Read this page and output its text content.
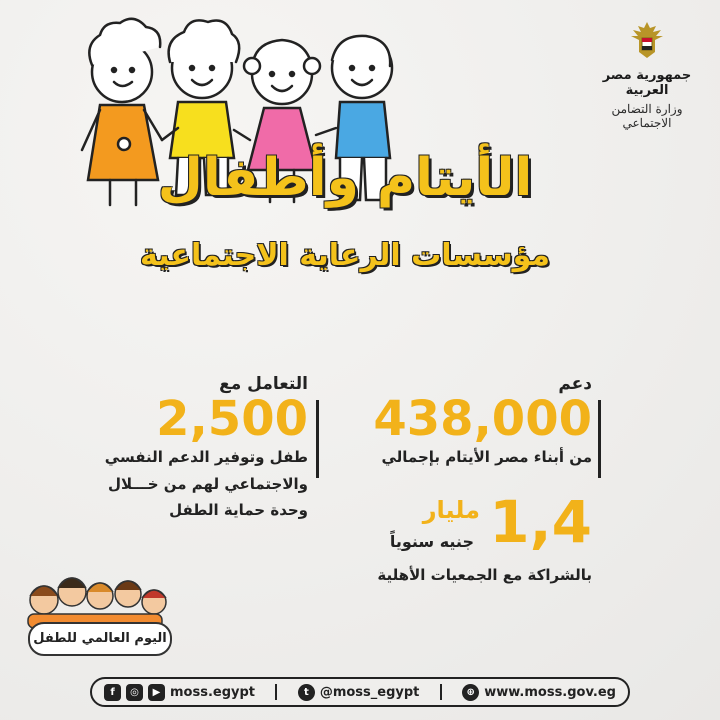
جمهورية مصر العربية
وزارة التضامن الاجتماعي
الأيتام وأطفال
مؤسسات الرعاية الاجتماعية
دعم
438,000
من أبناء مصر الأيتام بإجمالي
1,4
مليار
جنيه سنوياً
بالشراكة مع الجمعيات الأهلية
التعامل مع
2,500
طفل وتوفير الدعم النفسي
والاجتماعي لهم من خـــلال
وحدة حماية الطفل
اليوم العالمي للطفل
f	◎	▶ moss.egypt	t @moss_egypt	⊕ www.moss.gov.eg
